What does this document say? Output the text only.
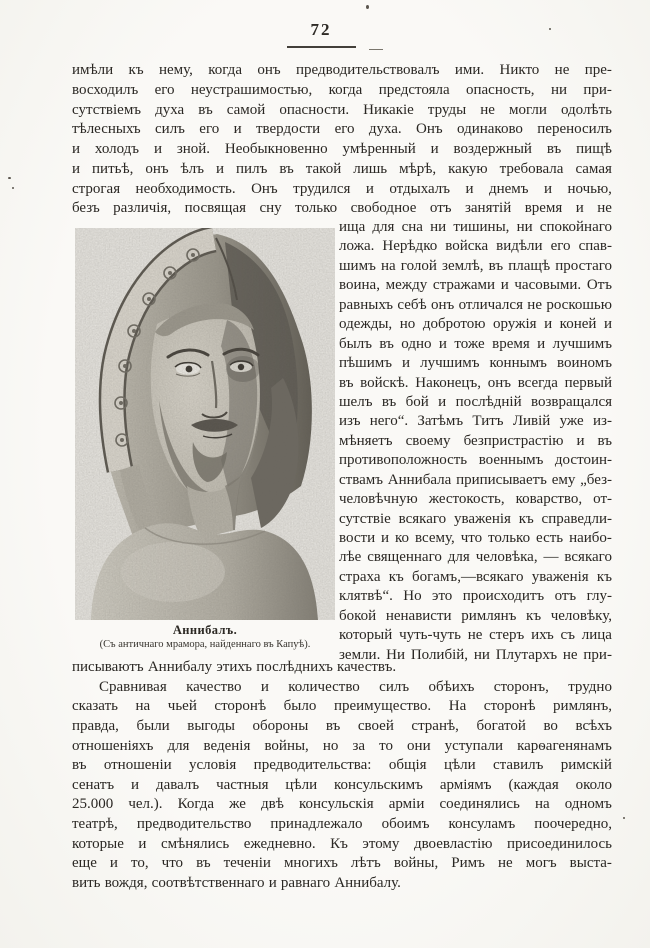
72
имѣли къ нему, когда онъ предводительствовалъ ими. Никто не пре-
восходилъ его неустрашимостью, когда предстояла опасность, ни при-
сутствіемъ духа въ самой опасности. Никакіе труды не могли одолѣть
тѣлесныхъ силъ его и твердости его духа. Онъ одинаково переносилъ
и холодъ и зной. Необыкновенно умѣренный и воздержный въ пищѣ
и питьѣ, онъ ѣлъ и пилъ въ такой лишь мѣрѣ, какую требовала самая
строгая необходимость. Онъ трудился и отдыхалъ и днемъ и ночью,
безъ различія, посвящая сну только свободное отъ занятій время и не
Аннибалъ.
(Съ античнаго мрамора, найденнаго въ Капуѣ).
ища для сна ни тишины, ни спокойнаго
ложа. Нерѣдко войска видѣли его спав-
шимъ на голой землѣ, въ плащѣ простаго
воина, между стражами и часовыми. Отъ
равныхъ себѣ онъ отличался не роскошью
одежды, но добротою оружія и коней и
былъ въ одно и тоже время и лучшимъ
пѣшимъ и лучшимъ коннымъ воиномъ
въ войскѣ. Наконецъ, онъ всегда первый
шелъ въ бой и послѣдній возвращался
изъ него“. Затѣмъ Титъ Ливій уже из-
мѣняетъ своему безпристрастію и въ
противоположность военнымъ достоин-
ствамъ Аннибала приписываетъ ему „без-
человѣчную жестокость, коварство, от-
сутствіе всякаго уваженія къ справедли-
вости и ко всему, что только есть наибо-
лѣе священнаго для человѣка, — всякаго
страха къ богамъ,—всякаго уваженія къ
клятвѣ“. Но это происходитъ отъ глу-
бокой ненависти римлянъ къ человѣку,
который чуть-чуть не стеръ ихъ съ лица
земли. Ни Полибій, ни Плутархъ не при-
писываютъ Аннибалу этихъ послѣднихъ качествъ.
Сравнивая качество и количество силъ обѣихъ сторонъ, трудно
сказать на чьей сторонѣ было преимущество. На сторонѣ римлянъ,
правда, были выгоды обороны въ своей странѣ, богатой во всѣхъ
отношеніяхъ для веденія войны, но за то они уступали карѳагенянамъ
въ отношеніи условія предводительства: общія цѣли ставилъ римскій
сенатъ и давалъ частныя цѣли консульскимъ арміямъ (каждая около
25.000 чел.). Когда же двѣ консульскія арміи соединялись на одномъ
театрѣ, предводительство принадлежало обоимъ консуламъ поочередно,
которые и смѣнялись ежедневно. Къ этому двоевластію присоединилось
еще и то, что въ теченіи многихъ лѣтъ войны, Римъ не могъ выста-
вить вождя, соотвѣтственнаго и равнаго Аннибалу.
